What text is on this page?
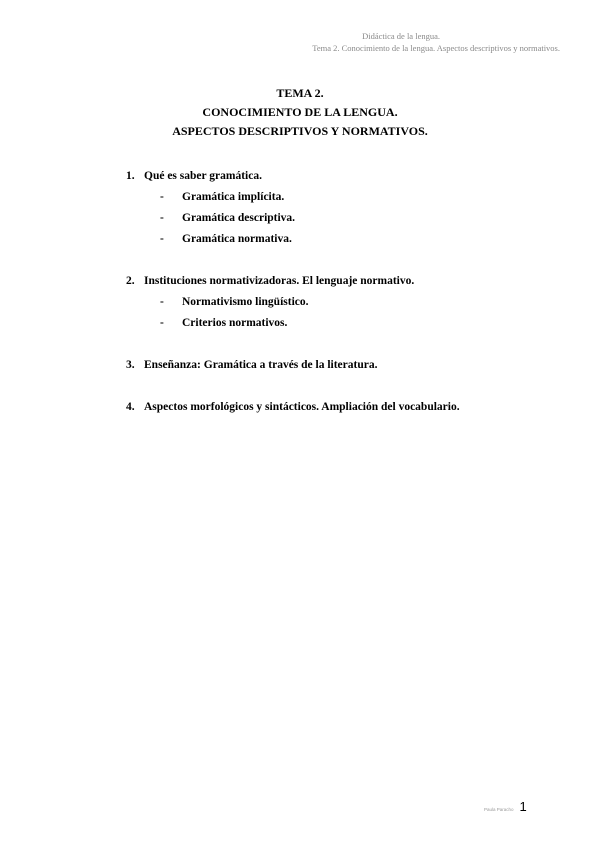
Didáctica de la lengua.
Tema 2. Conocimiento de la lengua. Aspectos descriptivos y normativos.
TEMA 2.
CONOCIMIENTO DE LA LENGUA.
ASPECTOS DESCRIPTIVOS Y NORMATIVOS.
1. Qué es saber gramática.
- Gramática implícita.
- Gramática descriptiva.
- Gramática normativa.
2. Instituciones normativizadoras. El lenguaje normativo.
- Normativismo lingüístico.
- Criterios normativos.
3. Enseñanza: Gramática a través de la literatura.
4. Aspectos morfológicos y sintácticos. Ampliación del vocabulario.
Paula Paracho 1
